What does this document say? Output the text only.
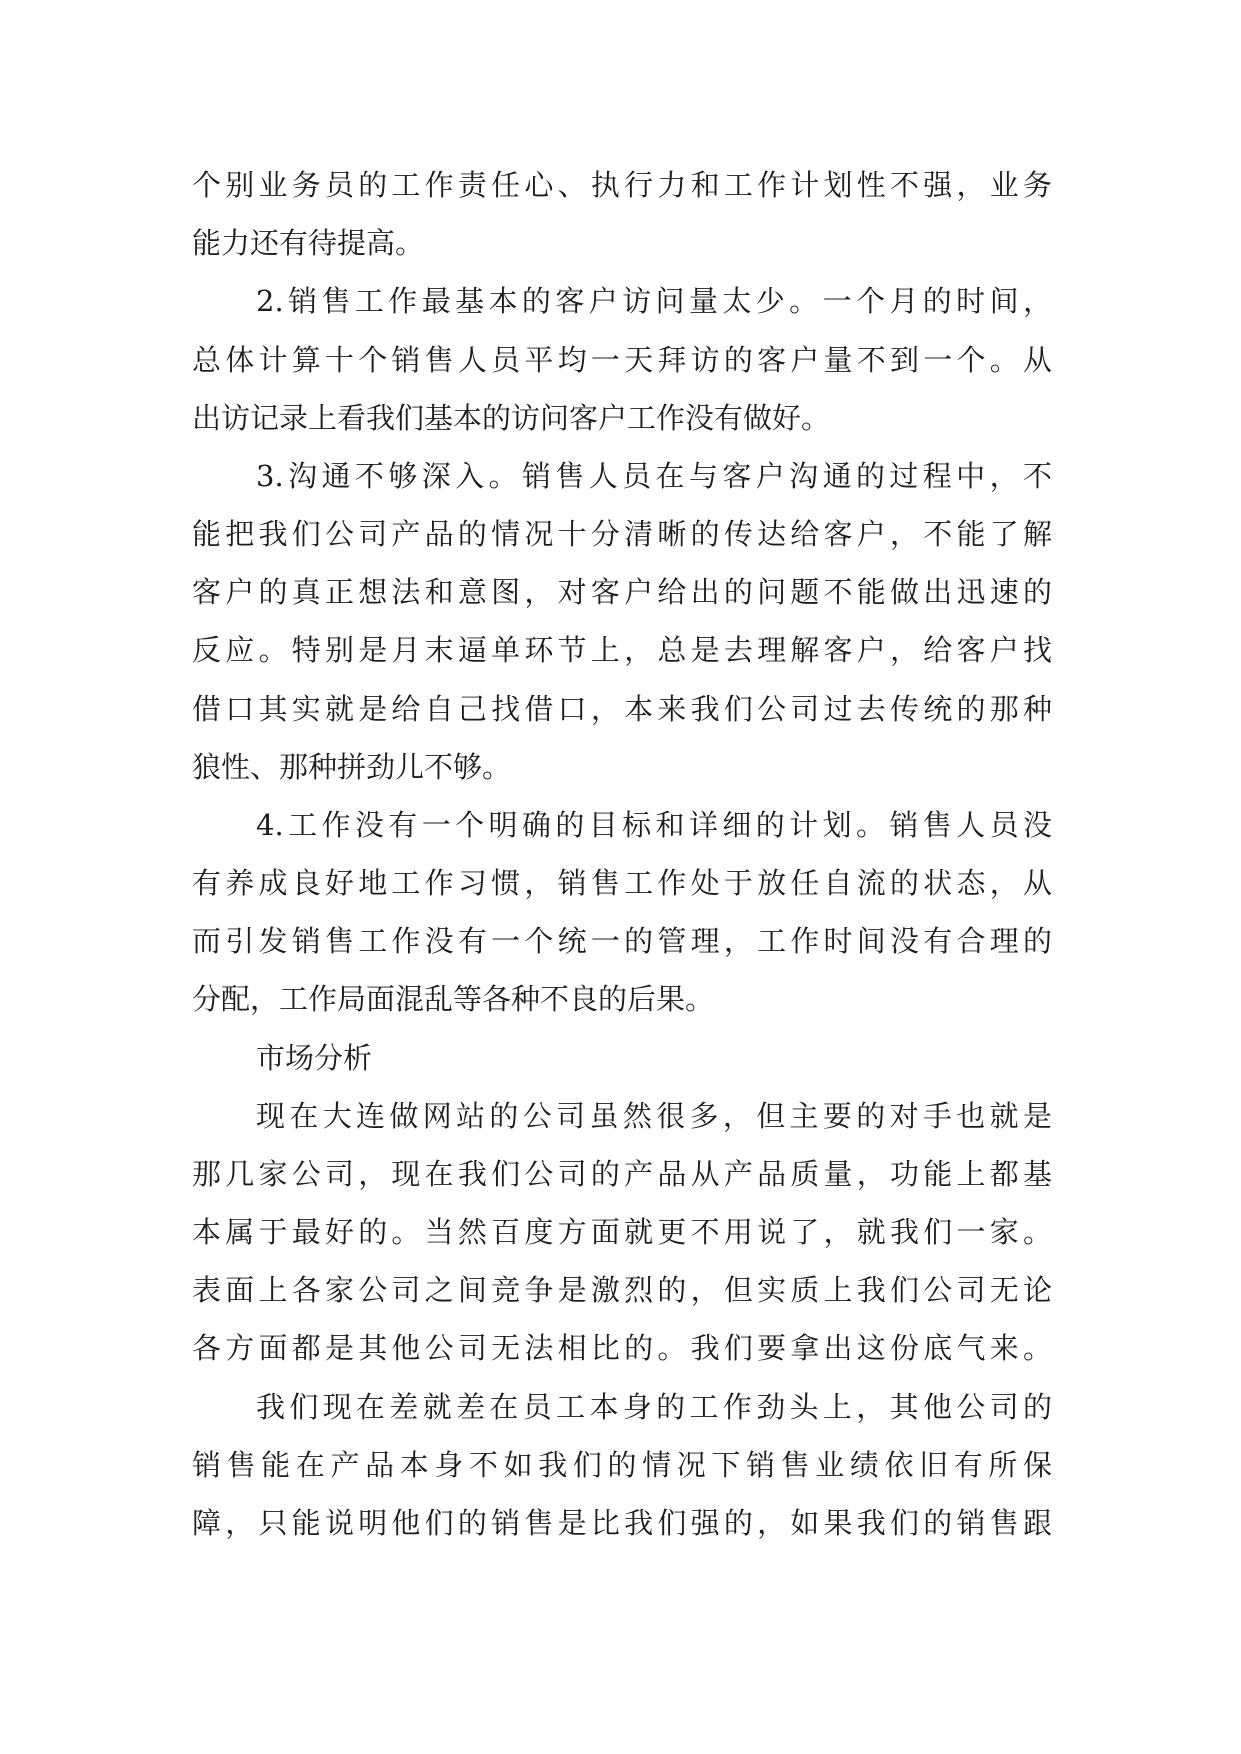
个别业务员的工作责任心、执行力和工作计划性不强，业务
能力还有待提高。
2.销售工作最基本的客户访问量太少。一个月的时间，
总体计算十个销售人员平均一天拜访的客户量不到一个。从
出访记录上看我们基本的访问客户工作没有做好。
3.沟通不够深入。销售人员在与客户沟通的过程中，不
能把我们公司产品的情况十分清晰的传达给客户，不能了解
客户的真正想法和意图，对客户给出的问题不能做出迅速的
反应。特别是月末逼单环节上，总是去理解客户，给客户找
借口其实就是给自己找借口，本来我们公司过去传统的那种
狼性、那种拼劲儿不够。
4.工作没有一个明确的目标和详细的计划。销售人员没
有养成良好地工作习惯，销售工作处于放任自流的状态，从
而引发销售工作没有一个统一的管理，工作时间没有合理的
分配，工作局面混乱等各种不良的后果。
市场分析
现在大连做网站的公司虽然很多，但主要的对手也就是
那几家公司，现在我们公司的产品从产品质量，功能上都基
本属于最好的。当然百度方面就更不用说了，就我们一家。
表面上各家公司之间竞争是激烈的，但实质上我们公司无论
各方面都是其他公司无法相比的。我们要拿出这份底气来。
我们现在差就差在员工本身的工作劲头上，其他公司的
销售能在产品本身不如我们的情况下销售业绩依旧有所保
障，只能说明他们的销售是比我们强的，如果我们的销售跟
